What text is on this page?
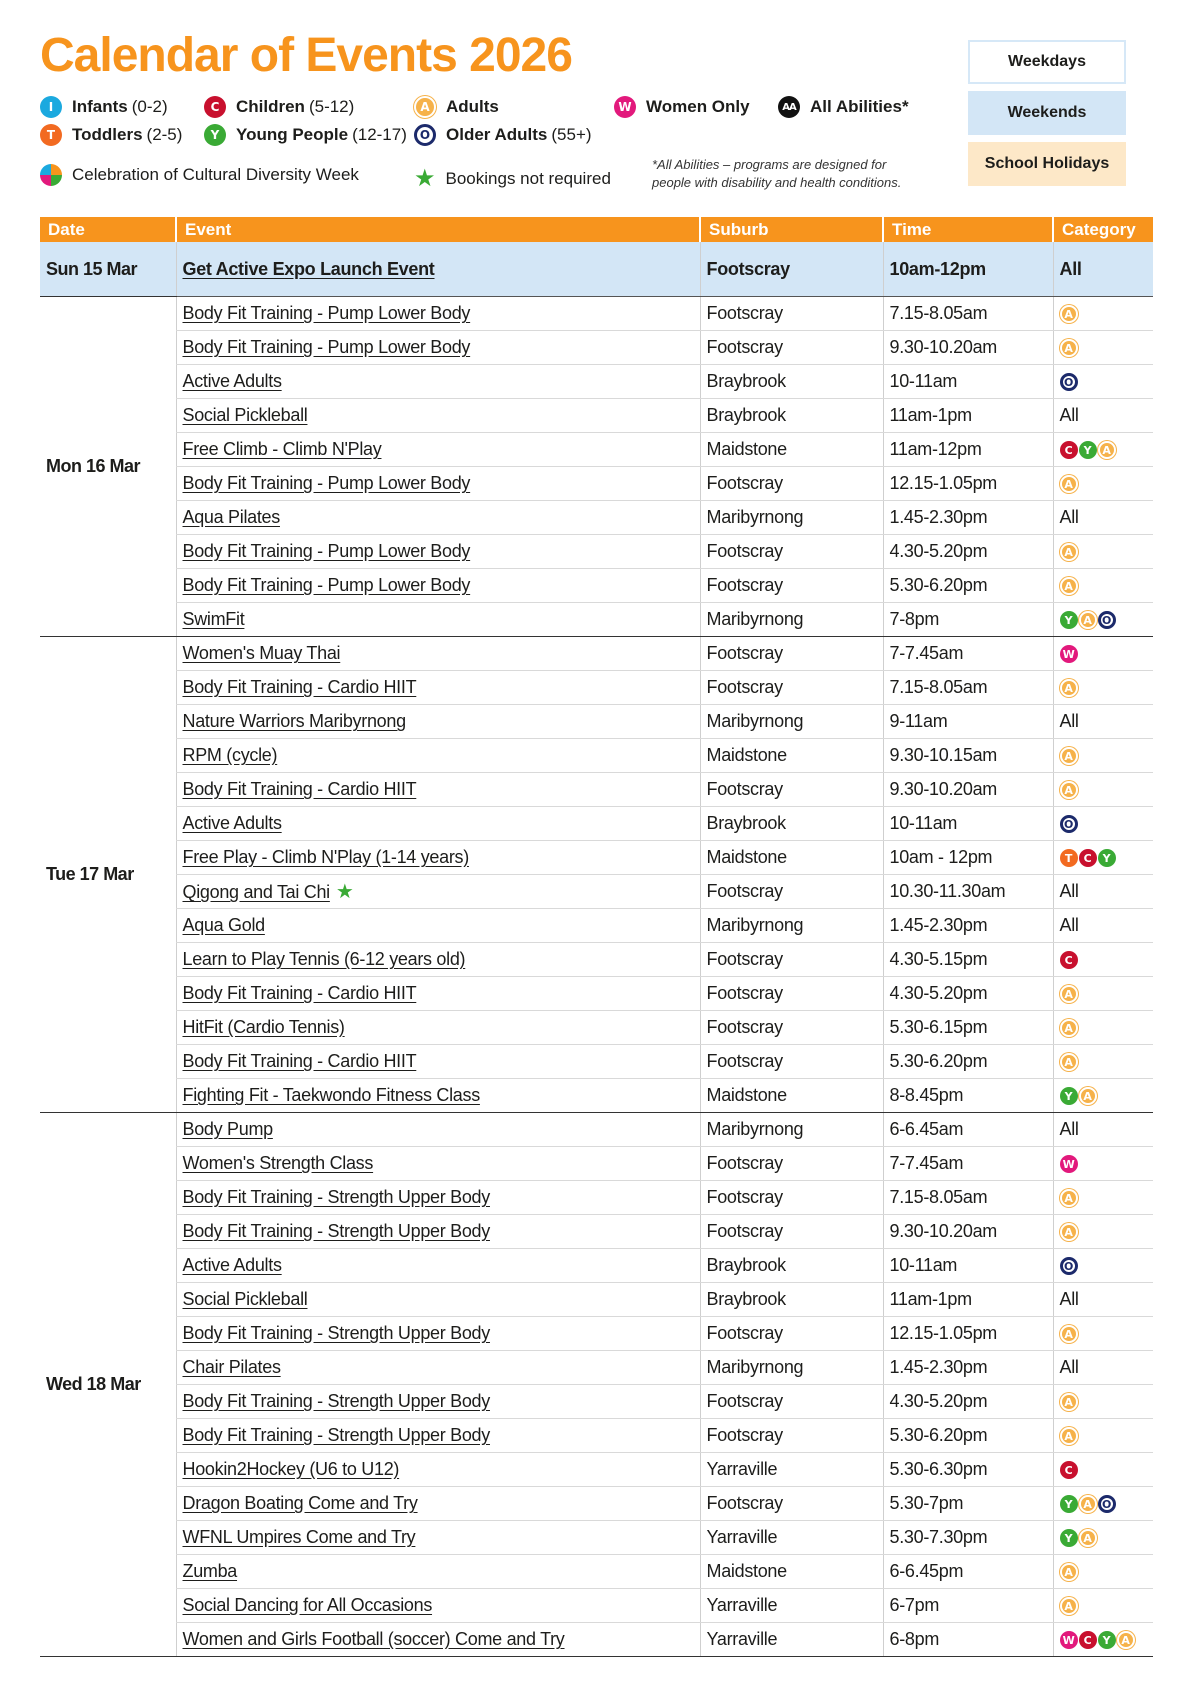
Calendar of Events 2026
I	Infants (0-2)
T Toddlers (2-5)
C Children (5-12)
Y Young People (12-17)
A Adults
O Older Adults (55+)
W Women Only	AA All Abilities*
Celebration of Cultural Diversity Week ★ Bookings not required
*All Abilities – programs are designed for
people with disability and health conditions.
Weekdays
Weekends
School Holidays
Date	Event	Suburb	Time	Category
Sun 15 Mar	Get Active Expo Launch Event	Footscray	10am-12pm	All
Mon 16 Mar	Body Fit Training - Pump Lower Body	Footscray	7.15-8.05am	A
	Body Fit Training - Pump Lower Body	Footscray	9.30-10.20am	A
	Active Adults	Braybrook	10-11am	O
	Social Pickleball	Braybrook	11am-1pm	All
	Free Climb - Climb N'Play	Maidstone	11am-12pm	C Y A
	Body Fit Training - Pump Lower Body	Footscray	12.15-1.05pm	A
	Aqua Pilates	Maribyrnong	1.45-2.30pm	All
	Body Fit Training - Pump Lower Body	Footscray	4.30-5.20pm	A
	Body Fit Training - Pump Lower Body	Footscray	5.30-6.20pm	A
	SwimFit	Maribyrnong	7-8pm	Y A O
Tue 17 Mar	Women's Muay Thai	Footscray	7-7.45am	W
	Body Fit Training - Cardio HIIT	Footscray	7.15-8.05am	A
	Nature Warriors Maribyrnong	Maribyrnong	9-11am	All
	RPM (cycle)	Maidstone	9.30-10.15am	A
	Body Fit Training - Cardio HIIT	Footscray	9.30-10.20am	A
	Active Adults	Braybrook	10-11am	O
	Free Play - Climb N'Play (1-14 years)	Maidstone	10am - 12pm	T C Y
	Qigong and Tai Chi ★	Footscray	10.30-11.30am	All
	Aqua Gold	Maribyrnong	1.45-2.30pm	All
	Learn to Play Tennis (6-12 years old)	Footscray	4.30-5.15pm	C
	Body Fit Training - Cardio HIIT	Footscray	4.30-5.20pm	A
	HitFit (Cardio Tennis)	Footscray	5.30-6.15pm	A
	Body Fit Training - Cardio HIIT	Footscray	5.30-6.20pm	A
	Fighting Fit - Taekwondo Fitness Class	Maidstone	8-8.45pm	Y A
Wed 18 Mar	Body Pump	Maribyrnong	6-6.45am	All
	Women's Strength Class	Footscray	7-7.45am	W
	Body Fit Training - Strength Upper Body	Footscray	7.15-8.05am	A
	Body Fit Training - Strength Upper Body	Footscray	9.30-10.20am	A
	Active Adults	Braybrook	10-11am	O
	Social Pickleball	Braybrook	11am-1pm	All
	Body Fit Training - Strength Upper Body	Footscray	12.15-1.05pm	A
	Chair Pilates	Maribyrnong	1.45-2.30pm	All
	Body Fit Training - Strength Upper Body	Footscray	4.30-5.20pm	A
	Body Fit Training - Strength Upper Body	Footscray	5.30-6.20pm	A
	Hookin2Hockey (U6 to U12)	Yarraville	5.30-6.30pm	C
	Dragon Boating Come and Try	Footscray	5.30-7pm	Y A O
	WFNL Umpires Come and Try	Yarraville	5.30-7.30pm	Y A
	Zumba	Maidstone	6-6.45pm	A
	Social Dancing for All Occasions	Yarraville	6-7pm	A
	Women and Girls Football (soccer) Come and Try	Yarraville	6-8pm	W C Y A
